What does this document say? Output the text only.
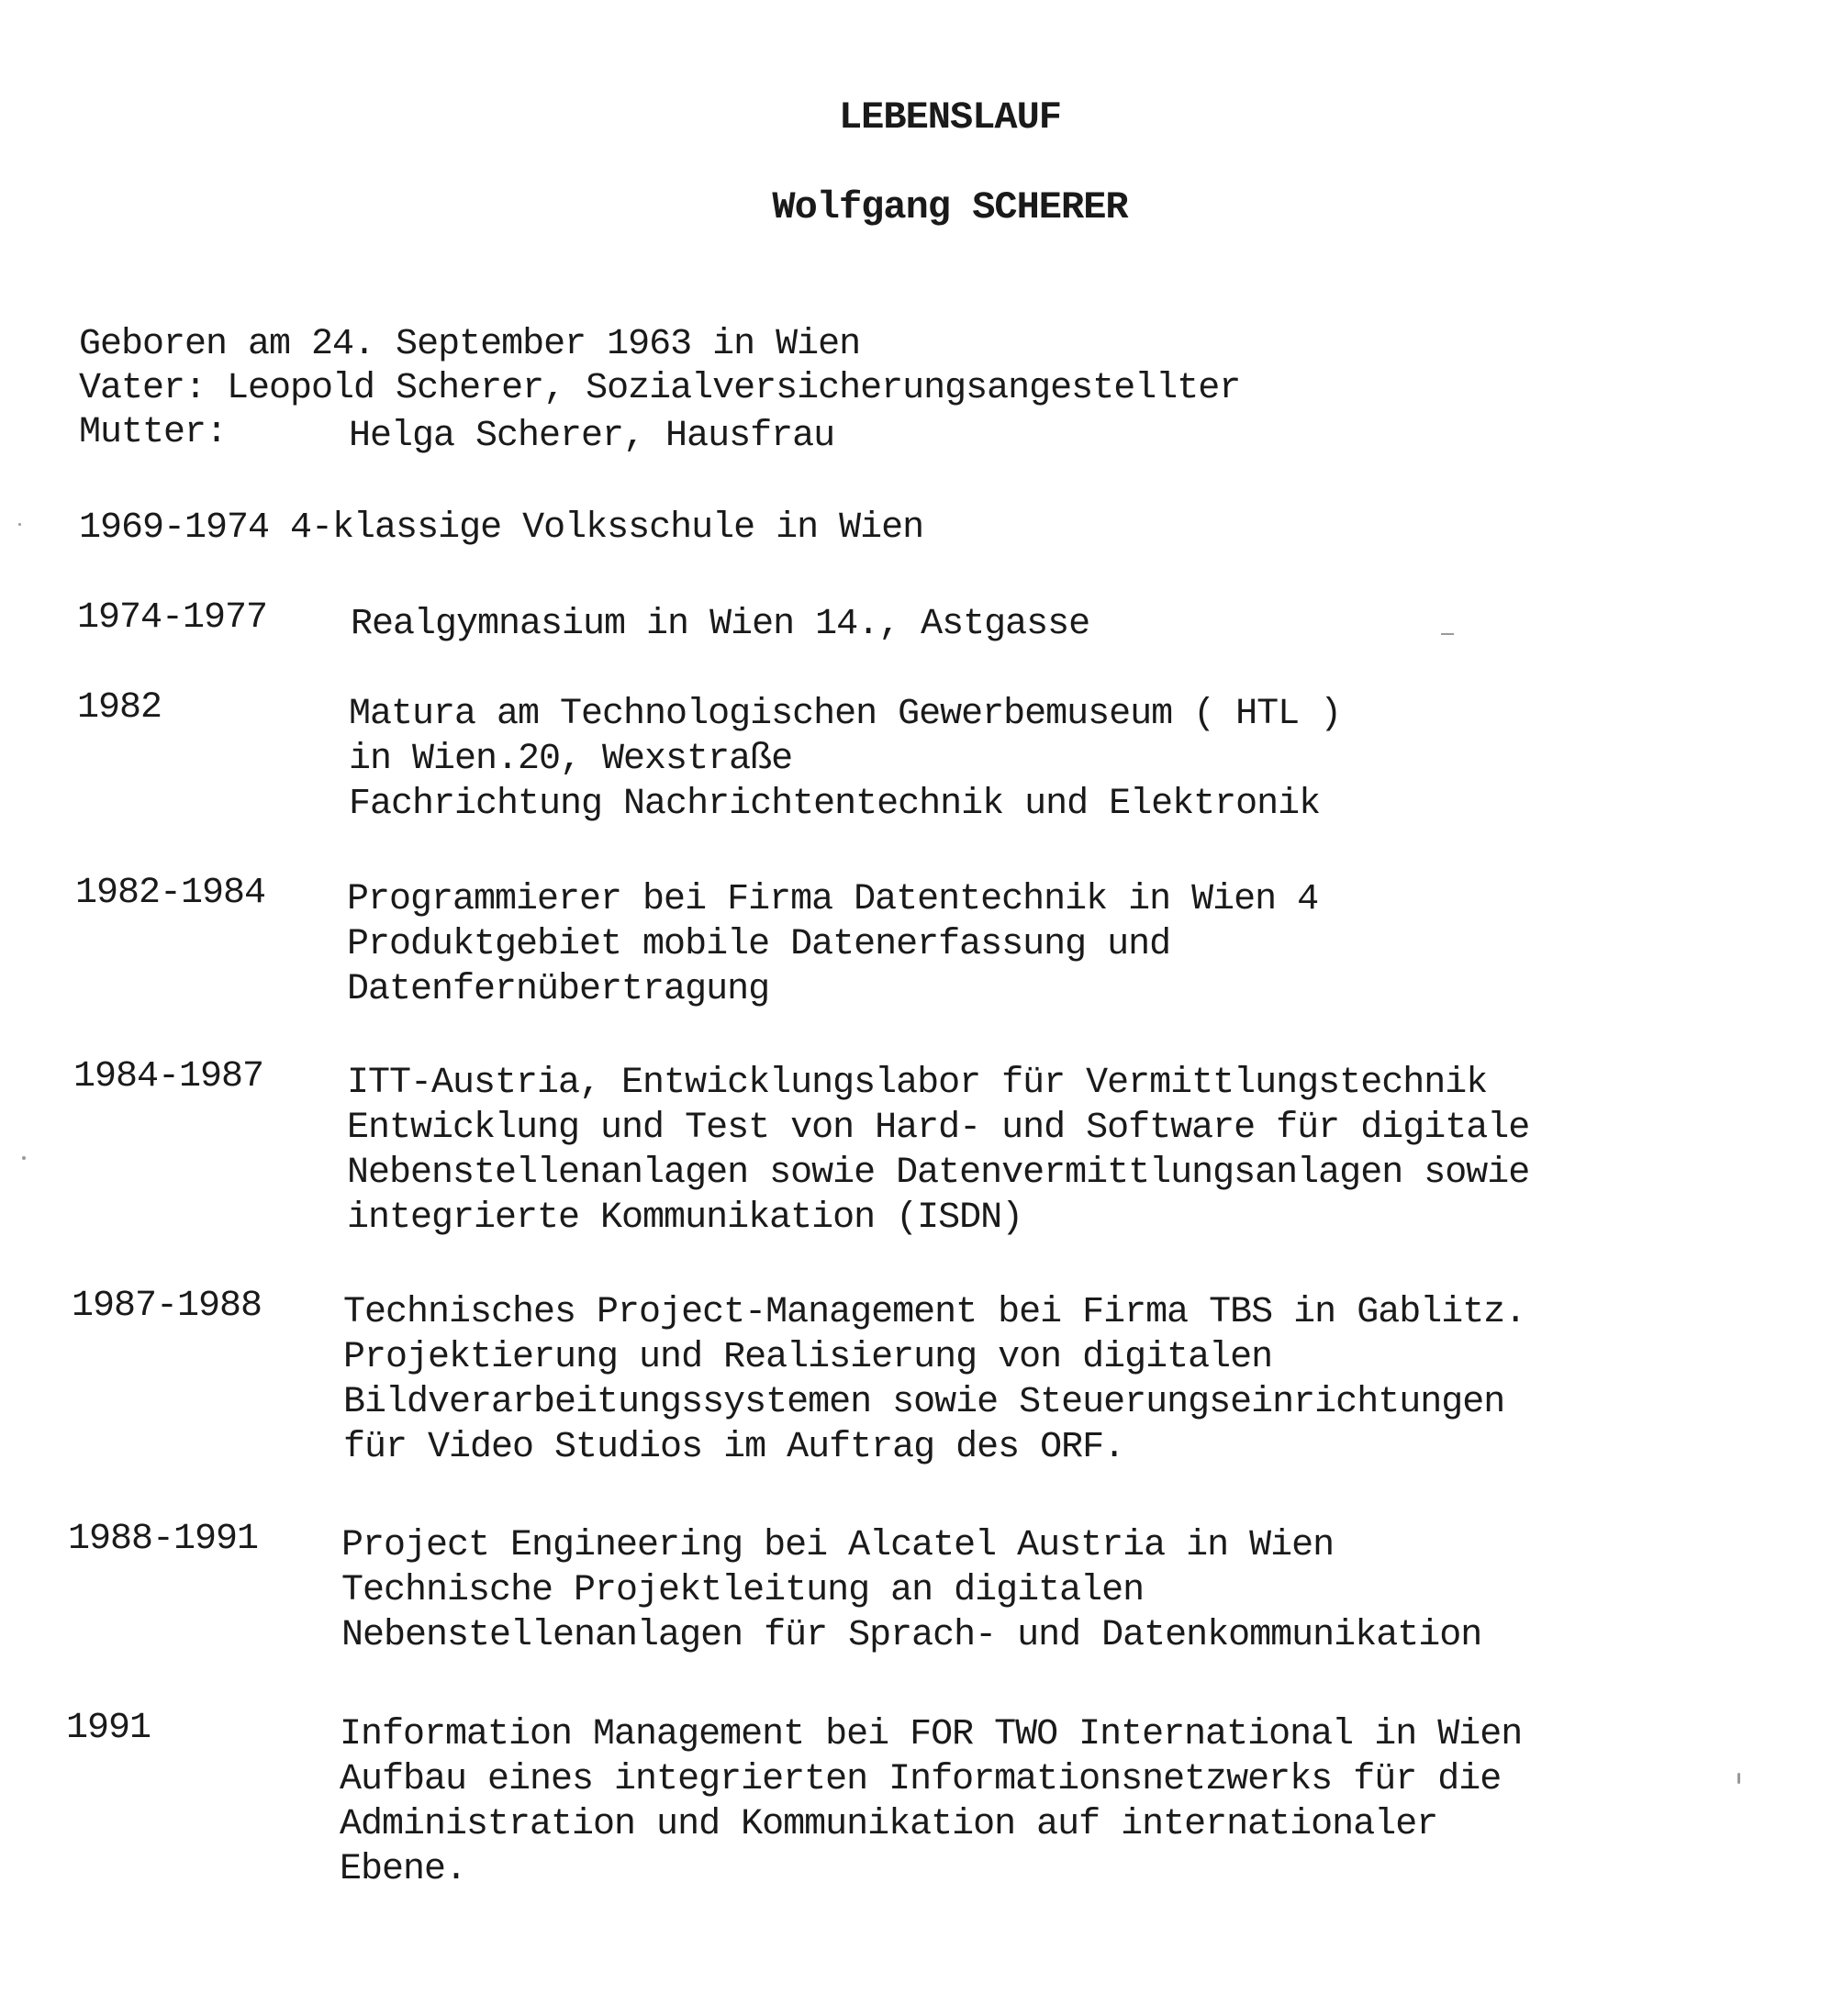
LEBENSLAUF
Wolfgang SCHERER
Geboren am 24. September 1963 in Wien
Vater: Leopold Scherer, Sozialversicherungsangestellter
Mutter:	Helga Scherer, Hausfrau
1969-1974 4-klassige Volksschule in Wien
1974-1977 Realgymnasium in Wien 14., Astgasse
1982	Matura am Technologischen Gewerbemuseum ( HTL )
in Wien.20, Wexstraße
Fachrichtung Nachrichtentechnik und Elektronik
1982-1984 Programmierer bei Firma Datentechnik in Wien 4
Produktgebiet mobile Datenerfassung und
Datenfernübertragung
1984-1987 ITT-Austria, Entwicklungslabor für Vermittlungstechnik
Entwicklung und Test von Hard- und Software für digitale
Nebenstellenanlagen sowie Datenvermittlungsanlagen sowie
integrierte Kommunikation (ISDN)
1987-1988 Technisches Project-Management bei Firma TBS in Gablitz.
Projektierung und Realisierung von digitalen
Bildverarbeitungssystemen sowie Steuerungseinrichtungen
für Video Studios im Auftrag des ORF.
1988-1991 Project Engineering bei Alcatel Austria in Wien
Technische Projektleitung an digitalen
Nebenstellenanlagen für Sprach- und Datenkommunikation
1991	Information Management bei FOR TWO International in Wien
Aufbau eines integrierten Informationsnetzwerks für die
Administration und Kommunikation auf internationaler
Ebene.
